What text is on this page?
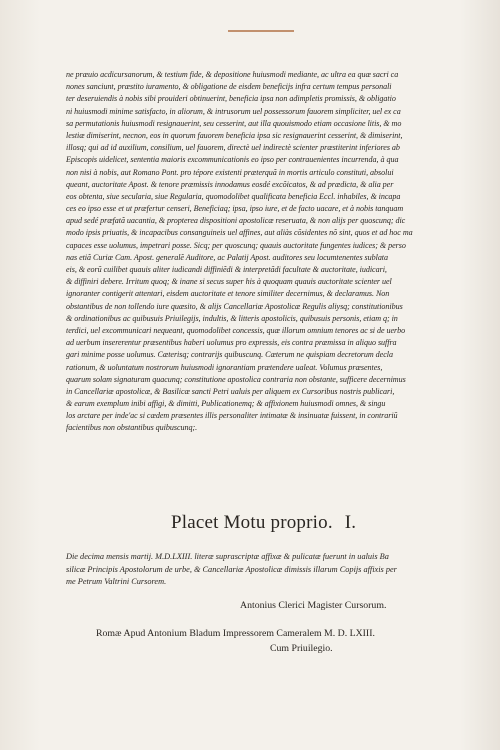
ne præuio acdicursanorum, & testium fide, & depositione huiusmodi mediante, ac ultra ea quæ sacri ca
nones sanciunt, præstito iuramento, & obligatione de eisdem beneficijs infra certum tempus personali
ter deseruiendis à nobis sibi prouideri obtinuerint, beneficia ipsa non adimpletis promissis, & obligatio
ni huiusmodi minime satisfacto, in aliorum, & intrusorum uel possessorum fauorem simpliciter, uel ex ca
sa permutationis huiusmodi resignauerint, seu cesserint, aut illa quouismodo etiam occasione litis, & mo
lestiæ dimiserint, necnon, eos in quorum fauorem beneficia ipsa sic resignauerint cesserint, & dimiserint,
illosq; qui ad id auxilium, consilium, uel fauorem, directè uel indirectè scienter præstiterint inferiores ab
Episcopis uidelicet, sententia maioris excommunicationis eo ipso per contrauenientes incurrenda, à qua
non nisi à nobis, aut Romano Pont. pro tépore existenti præterquã in mortis articulo constituti, absolui
queant, auctoritate Apost. & tenore præmissis innodamus eosdé excõicatos, & ad prædicta, & alia per
eos obtenta, siue secularia, siue Regularia, quomodolibet qualificata beneficia Eccl. inhabiles, & incapa
ces eo ipso esse et ut præfertur censeri, Beneficiaq; ipsa, ipso iure, et de facto uacare, et à nobis tanquam
apud sedé præfatã uacantia, & propterea dispositioni apostolicæ reseruata, & non alijs per quoscunq; dic
modo ipsis priuatis, & incapacibus consanguineis uel affines, aut aliàs cõsidentes nõ sint, quos et ad hoc ma
capaces esse uolumus, impetrari posse. Sicq; per quoscunq; quauis auctoritate fungentes iudices; & perso
nas etiã Curiæ Cam. Apost. generalẽ Auditore, ac Palatij Apost. auditores seu locumtenentes sublata
eis, & eorũ cuilibet quauis aliter iudicandi diffiniẽdi & interpretãdi facultate & auctoritate, iudicari,
& diffiniri debere. Irritum quoq; & inane si secus super his à quoquam quauis auctoritate scienter uel
ignoranter contigerit attentari, eisdem auctoritate et tenore similiter decernimus, & declaramus. Non
obstantibus de non tollendo iure quæsito, & alijs Cancellariæ Apostolicæ Regulis aliysq; constitutionibus
& ordinationibus ac quibusuis Priuilegijs, indultis, & litteris apostolicis, quibusuis personis, etiam q; in
terdici, uel excommunicari nequeant, quomodolibet concessis, quæ illorum omnium tenores ac si de uerbo
ad uerbum insererentur præsentibus haberi uolumus pro expressis, eis contra præmissa in aliquo suffra
gari minime posse uolumus. Cæterisq; contrarijs quibuscunq. Cæterum ne quispiam decretorum decla
rationum, & uoluntatum nostrorum huiusmodi ignorantiam prætendere ualeat. Volumus præsentes,
quarum solam signaturam quacunq; constitutione apostolica contraria non obstante, sufficere decernimus
in Cancellariæ apostolicæ, & Basilicæ sancti Petri ualuis per aliquem ex Cursoribus nostris publicari,
& earum exemplum inibi affigi, & dimitti, Publicationemq; & affixionem huiusmodi omnes, & singu
los arctare per inde'ac si cædem præsentes illis personaliter intimatæ & insinuatæ fuissent, in contrariũ
facientibus non obstantibus quibuscunq;.
Placet Motu proprio. I.
Die decima mensis martij. M.D.LXIII. literæ suprascriptæ affixæ & pulicatæ fuerunt in ualuis Ba
silicæ Principis Apostolorum de urbe, & Cancellariæ Apostolicæ dimissis illarum Copijs affixis per
me Petrum Valtrini Cursorem.
Antonius Clerici Magister Cursorum.
Romæ Apud Antonium Bladum Impressorem Cameralem M. D. LXIII.
Cum Priuilegio.
